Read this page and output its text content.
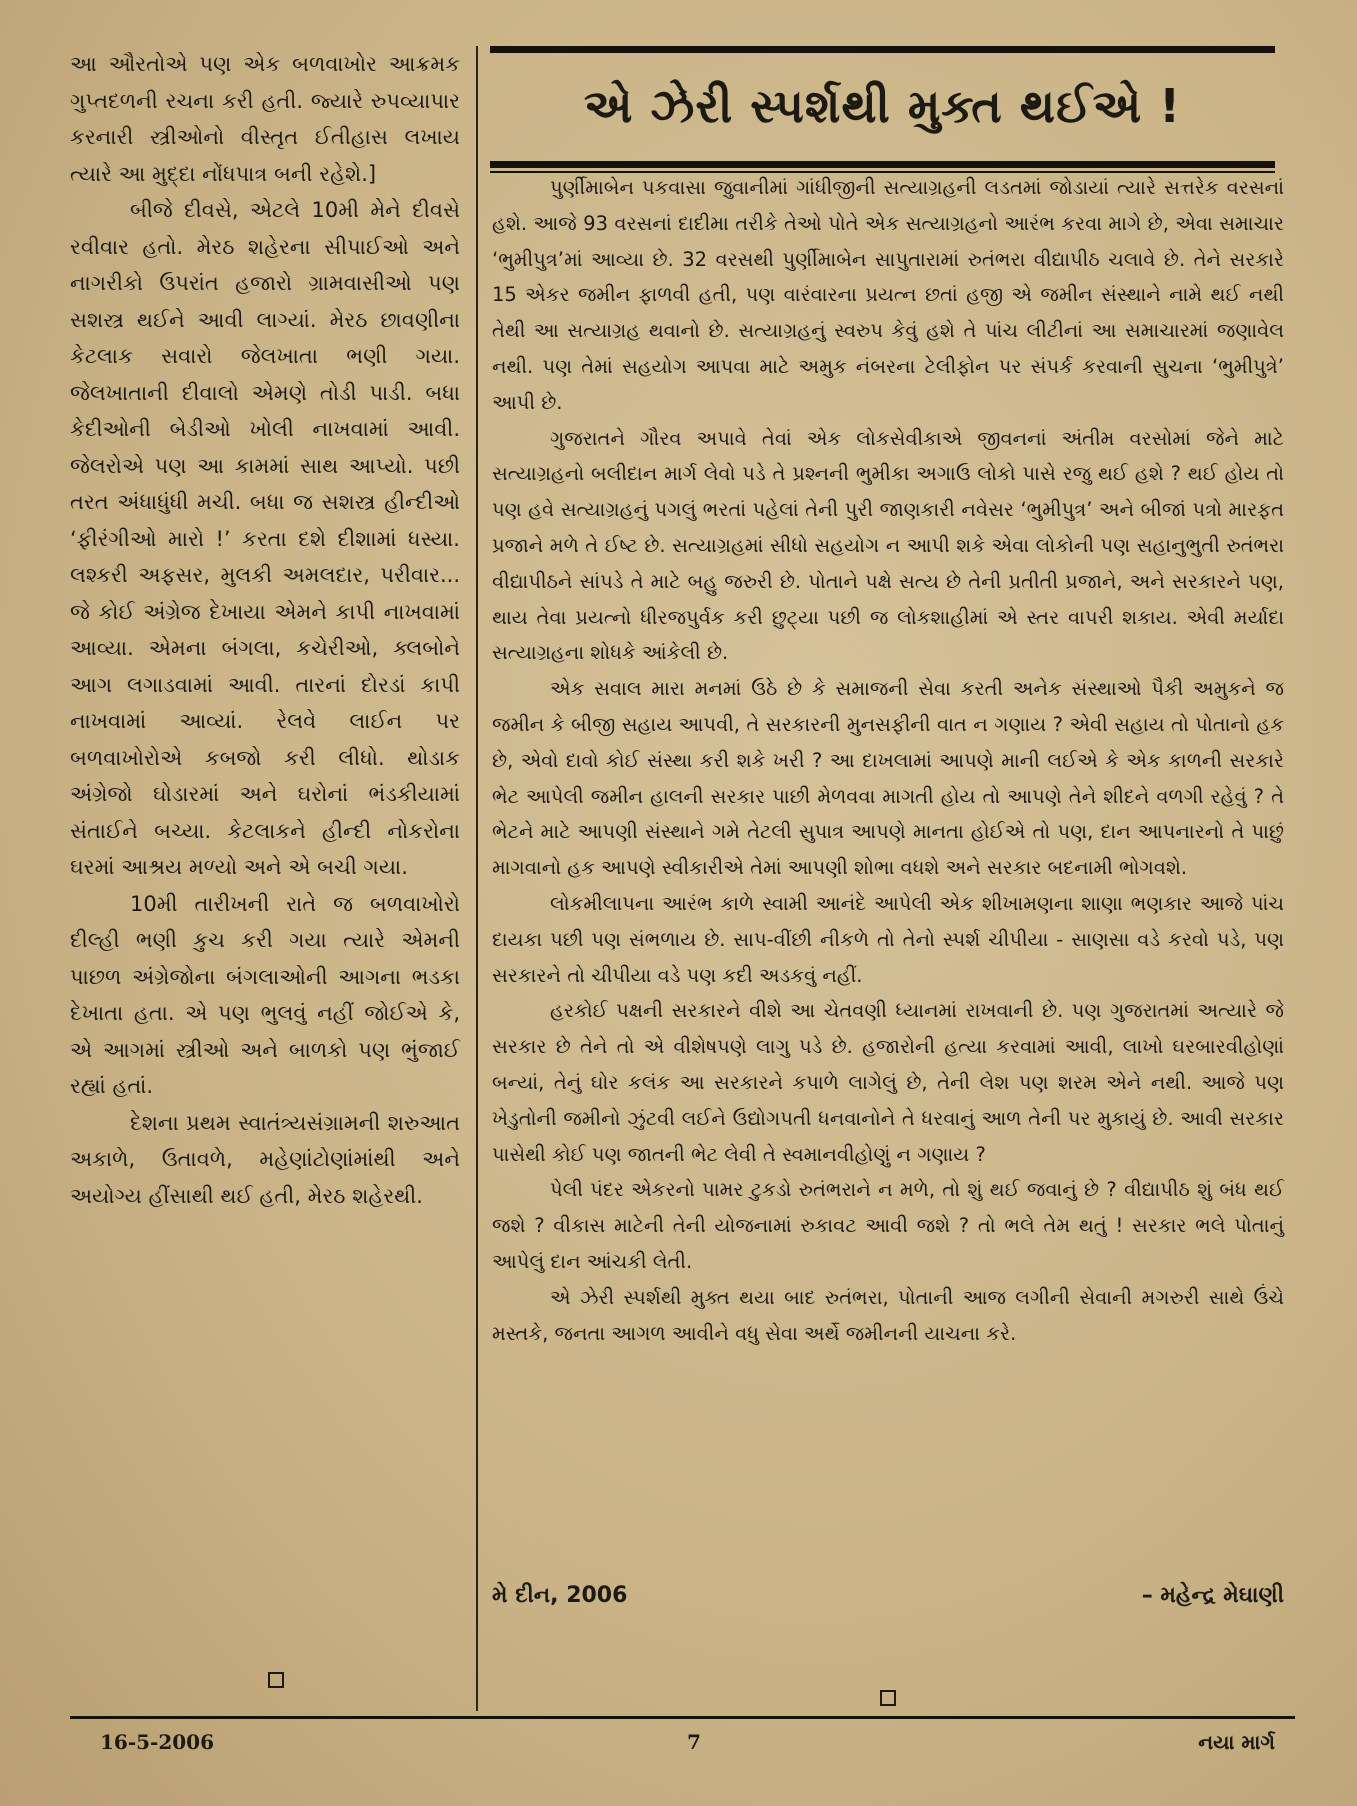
આ ઔરતોએ પણ એક બળવાખોર આક્રમક ગુપ્તદળની રચના કરી હતી. જ્યારે રુપવ્યાપાર કરનારી સ્ત્રીઓનો વીસ્તૃત ઈતીહાસ લખાય ત્યારે આ મુદ્દા નોંધપાત્ર બની રહેશે.]

બીજે દીવસે, એટલે 10મી મેને દીવસે રવીવાર હતો. મેરઠ શહેરના સીપાઈઓ અને નાગરીકો ઉપરાંત હજારો ગ્રામવાસીઓ પણ સશસ્ત્ર થઈને આવી લાગ્યાં. મેરઠ છાવણીના કેટલાક સવારો જેલખાતા ભણી ગયા. જેલખાતાની દીવાલો એમણે તોડી પાડી. બધા કેદીઓની બેડીઓ ખોલી નાખવામાં આવી. જેલરોએ પણ આ કામમાં સાથ આપ્યો. પછી તરત અંધાધુંધી મચી. બધા જ સશસ્ત્ર હીન્દીઓ ‘ફીરંગીઓ મારો !’ કરતા દશે દીશામાં ધસ્યા. લશ્કરી અફસર, મુલકી અમલદાર, પરીવાર... જે કોઈ અંગ્રેજ દેખાયા એમને કાપી નાખવામાં આવ્યા. એમના બંગલા, કચેરીઓ, ક્લબોને આગ લગાડવામાં આવી. તારનાં દોરડાં કાપી નાખવામાં આવ્યાં. રેલવે લાઈન પર બળવાખોરોએ કબજો કરી લીધો. થોડાક અંગ્રેજો ઘોડારમાં અને ઘરોનાં ભંડકીયામાં સંતાઈને બચ્યા. કેટલાકને હીન્દી નોકરોના ઘરમાં આશ્રય મળ્યો અને એ બચી ગયા.

10મી તારીખની રાતે જ બળવાખોરો દીલ્હી ભણી કુચ કરી ગયા ત્યારે એમની પાછળ અંગ્રેજોના બંગલાઓની આગના ભડકા દેખાતા હતા. એ પણ ભુલવું નહીં જોઈએ કે, એ આગમાં સ્ત્રીઓ અને બાળકો પણ ભુંજાઈ રહ્યાં હતાં.

દેશના પ્રથમ સ્વાતંત્ર્યસંગ્રામની શરુઆત અકાળે, ઉતાવળે, મહેણાંટોણાંમાંથી અને અયોગ્ય હીંસાથી થઈ હતી, મેરઠ શહેરથી.

એ ઝેરી સ્પર્શથી મુક્ત થઈએ !

પુર્ણીમાબેન પકવાસા જુવાનીમાં ગાંધીજીની સત્યાગ્રહની લડતમાં જોડાયાં ત્યારે સત્તરેક વરસનાં હશે. આજે 93 વરસનાં દાદીમા તરીકે તેઓ પોતે એક સત્યાગ્રહનો આરંભ કરવા માગે છે, એવા સમાચાર ‘ભુમીપુત્ર’માં આવ્યા છે. 32 વરસથી પુર્ણીમાબેન સાપુતારામાં રુતંભરા વીદ્યાપીઠ ચલાવે છે. તેને સરકારે 15 એકર જમીન ફાળવી હતી, પણ વારંવારના પ્રયત્ન છતાં હજી એ જમીન સંસ્થાને નામે થઈ નથી તેથી આ સત્યાગ્રહ થવાનો છે. સત્યાગ્રહનું સ્વરુપ કેવું હશે તે પાંચ લીટીનાં આ સમાચારમાં જણાવેલ નથી. પણ તેમાં સહયોગ આપવા માટે અમુક નંબરના ટેલીફોન પર સંપર્ક કરવાની સુચના ‘ભુમીપુત્રે’ આપી છે.

ગુજરાતને ગૌરવ અપાવે તેવાં એક લોકસેવીકાએ જીવનનાં અંતીમ વરસોમાં જેને માટે સત્યાગ્રહનો બલીદાન માર્ગ લેવો પડે તે પ્રશ્નની ભુમીકા અગાઉ લોકો પાસે રજુ થઈ હશે ? થઈ હોય તો પણ હવે સત્યાગ્રહનું પગલું ભરતાં પહેલાં તેની પુરી જાણકારી નવેસર ‘ભુમીપુત્ર’ અને બીજાં પત્રો મારફત પ્રજાને મળે તે ઈષ્ટ છે. સત્યાગ્રહમાં સીધો સહયોગ ન આપી શકે એવા લોકોની પણ સહાનુભુતી રુતંભરા વીદ્યાપીઠને સાંપડે તે માટે બહુ જરુરી છે. પોતાને પક્ષે સત્ય છે તેની પ્રતીતી પ્રજાને, અને સરકારને પણ, થાય તેવા પ્રયત્નો ધીરજપુર્વક કરી છુટ્યા પછી જ લોકશાહીમાં એ સ્તર વાપરી શકાય. એવી મર્યાદા સત્યાગ્રહના શોધકે આંકેલી છે.

એક સવાલ મારા મનમાં ઉઠે છે કે સમાજની સેવા કરતી અનેક સંસ્થાઓ પૈકી અમુકને જ જમીન કે બીજી સહાય આપવી, તે સરકારની મુનસફીની વાત ન ગણાય ? એવી સહાય તો પોતાનો હક છે, એવો દાવો કોઈ સંસ્થા કરી શકે ખરી ? આ દાખલામાં આપણે માની લઈએ કે એક કાળની સરકારે ભેટ આપેલી જમીન હાલની સરકાર પાછી મેળવવા માગતી હોય તો આપણે તેને શીદને વળગી રહેવું ? તે ભેટને માટે આપણી સંસ્થાને ગમે તેટલી સુપાત્ર આપણે માનતા હોઈએ તો પણ, દાન આપનારનો તે પાછું માગવાનો હક આપણે સ્વીકારીએ તેમાં આપણી શોભા વધશે અને સરકાર બદનામી ભોગવશે.

લોકમીલાપના આરંભ કાળે સ્વામી આનંદે આપેલી એક શીખામણના શાણા ભણકાર આજે પાંચ દાયકા પછી પણ સંભળાય છે. સાપ-વીંછી નીકળે તો તેનો સ્પર્શ ચીપીયા - સાણસા વડે કરવો પડે, પણ સરકારને તો ચીપીયા વડે પણ કદી અડકવું નહીં.

હરકોઈ પક્ષની સરકારને વીશે આ ચેતવણી ધ્યાનમાં રાખવાની છે. પણ ગુજરાતમાં અત્યારે જે સરકાર છે તેને તો એ વીશેષપણે લાગુ પડે છે. હજારોની હત્યા કરવામાં આવી, લાખો ઘરબારવીહોણાં બન્યાં, તેનું ઘોર કલંક આ સરકારને કપાળે લાગેલું છે, તેની લેશ પણ શરમ એને નથી. આજે પણ ખેડુતોની જમીનો ઝુંટવી લઈને ઉદ્યોગપતી ધનવાનોને તે ધરવાનું આળ તેની પર મુકાયું છે. આવી સરકાર પાસેથી કોઈ પણ જાતની ભેટ લેવી તે સ્વમાનવીહોણું ન ગણાય ?

પેલી પંદર એકરનો પામર ટુકડો રુતંભરાને ન મળે, તો શું થઈ જવાનું છે ? વીદ્યાપીઠ શું બંધ થઈ જશે ? વીકાસ માટેની તેની યોજનામાં રુકાવટ આવી જશે ? તો ભલે તેમ થતું ! સરકાર ભલે પોતાનું આપેલું દાન આંચકી લેતી.

એ ઝેરી સ્પર્શથી મુક્ત થયા બાદ રુતંભરા, પોતાની આજ લગીની સેવાની મગરુરી સાથે ઉંચે મસ્તકે, જનતા આગળ આવીને વધુ સેવા અર્થે જમીનની યાચના કરે.

મે દીન, 2006	– મહેન્દ્ર મેઘાણી
16-5-2006	7	નયા માર્ગ
